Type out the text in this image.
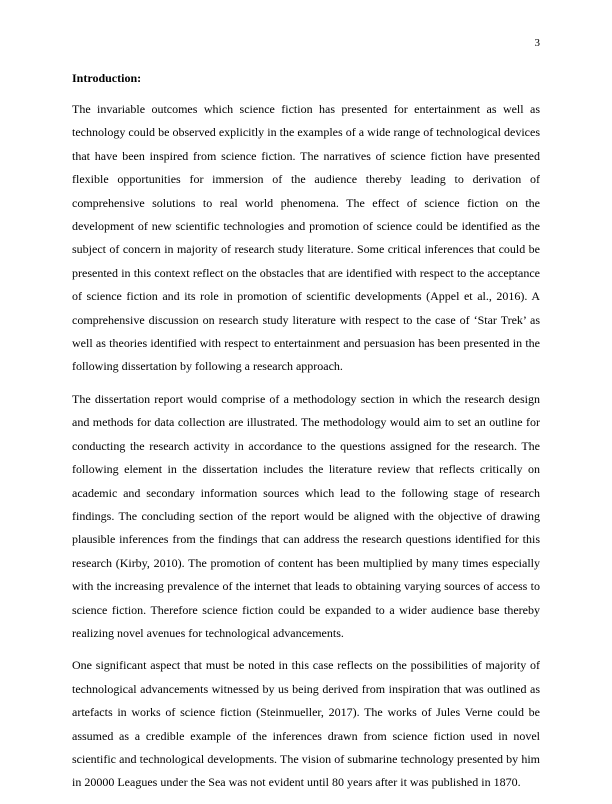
3
Introduction:

The invariable outcomes which science fiction has presented for entertainment as well as technology could be observed explicitly in the examples of a wide range of technological devices that have been inspired from science fiction. The narratives of science fiction have presented flexible opportunities for immersion of the audience thereby leading to derivation of comprehensive solutions to real world phenomena. The effect of science fiction on the development of new scientific technologies and promotion of science could be identified as the subject of concern in majority of research study literature. Some critical inferences that could be presented in this context reflect on the obstacles that are identified with respect to the acceptance of science fiction and its role in promotion of scientific developments (Appel et al., 2016). A comprehensive discussion on research study literature with respect to the case of ‘Star Trek’ as well as theories identified with respect to entertainment and persuasion has been presented in the following dissertation by following a research approach.

The dissertation report would comprise of a methodology section in which the research design and methods for data collection are illustrated. The methodology would aim to set an outline for conducting the research activity in accordance to the questions assigned for the research. The following element in the dissertation includes the literature review that reflects critically on academic and secondary information sources which lead to the following stage of research findings. The concluding section of the report would be aligned with the objective of drawing plausible inferences from the findings that can address the research questions identified for this research (Kirby, 2010). The promotion of content has been multiplied by many times especially with the increasing prevalence of the internet that leads to obtaining varying sources of access to science fiction. Therefore science fiction could be expanded to a wider audience base thereby realizing novel avenues for technological advancements.

One significant aspect that must be noted in this case reflects on the possibilities of majority of technological advancements witnessed by us being derived from inspiration that was outlined as artefacts in works of science fiction (Steinmueller, 2017). The works of Jules Verne could be assumed as a credible example of the inferences drawn from science fiction used in novel scientific and technological developments. The vision of submarine technology presented by him in 20000 Leagues under the Sea was not evident until 80 years after it was published in 1870.
